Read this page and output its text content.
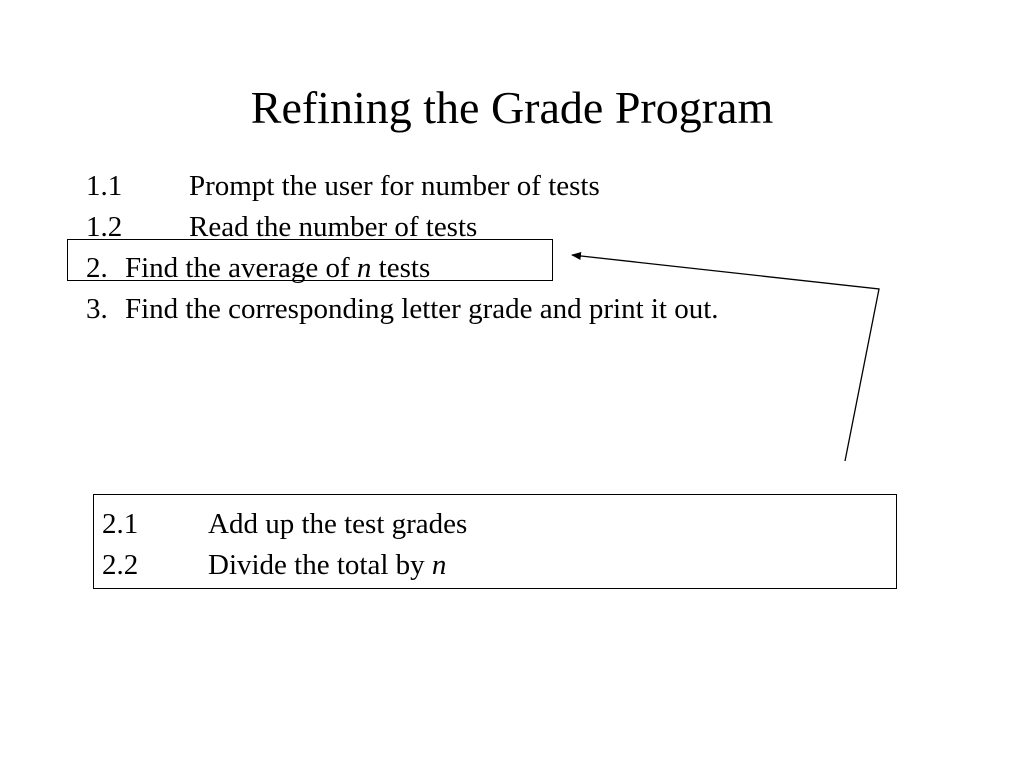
Refining the Grade Program
1.1 Prompt the user for number of tests
1.2 Read the number of tests
2. Find the average of n tests
3. Find the corresponding letter grade and print it out.
2.1 Add up the test grades
2.2 Divide the total by n
